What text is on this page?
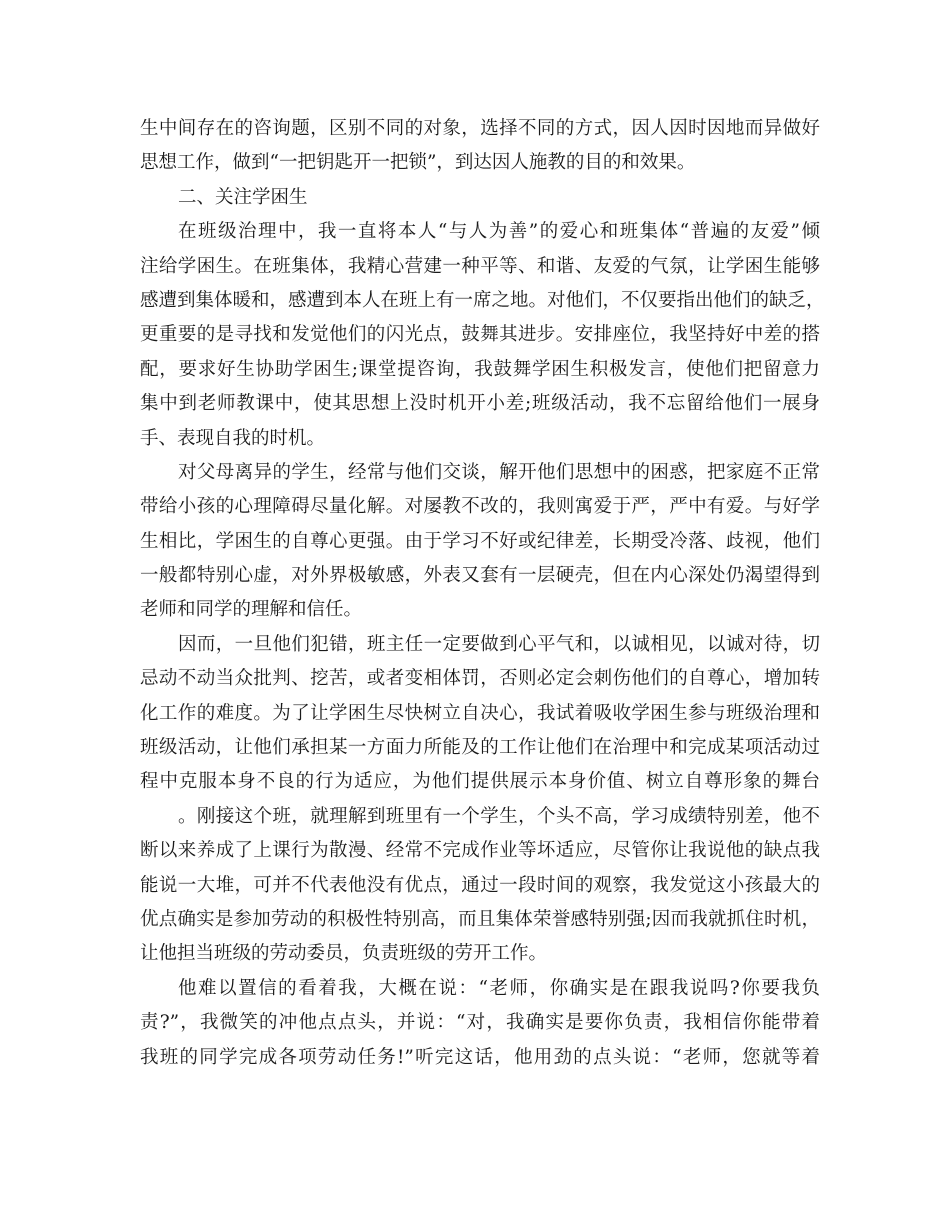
生中间存在的咨询题，区别不同的对象，选择不同的方式，因人因时因地而异做好
思想工作，做到“一把钥匙开一把锁”，到达因人施教的目的和效果。
二、关注学困生
在班级治理中，我一直将本人“与人为善”的爱心和班集体“普遍的友爱”倾
注给学困生。在班集体，我精心营建一种平等、和谐、友爱的气氛，让学困生能够
感遭到集体暖和，感遭到本人在班上有一席之地。对他们，不仅要指出他们的缺乏，
更重要的是寻找和发觉他们的闪光点，鼓舞其进步。安排座位，我坚持好中差的搭
配，要求好生协助学困生;课堂提咨询，我鼓舞学困生积极发言，使他们把留意力
集中到老师教课中，使其思想上没时机开小差;班级活动，我不忘留给他们一展身
手、表现自我的时机。
对父母离异的学生，经常与他们交谈，解开他们思想中的困惑，把家庭不正常
带给小孩的心理障碍尽量化解。对屡教不改的，我则寓爱于严，严中有爱。与好学
生相比，学困生的自尊心更强。由于学习不好或纪律差，长期受冷落、歧视，他们
一般都特别心虚，对外界极敏感，外表又套有一层硬壳，但在内心深处仍渴望得到
老师和同学的理解和信任。
因而，一旦他们犯错，班主任一定要做到心平气和，以诚相见，以诚对待，切
忌动不动当众批判、挖苦，或者变相体罚，否则必定会刺伤他们的自尊心，增加转
化工作的难度。为了让学困生尽快树立自决心，我试着吸收学困生参与班级治理和
班级活动，让他们承担某一方面力所能及的工作让他们在治理中和完成某项活动过
程中克服本身不良的行为适应，为他们提供展示本身价值、树立自尊形象的舞台
。刚接这个班，就理解到班里有一个学生，个头不高，学习成绩特别差，他不
断以来养成了上课行为散漫、经常不完成作业等坏适应，尽管你让我说他的缺点我
能说一大堆，可并不代表他没有优点，通过一段时间的观察，我发觉这小孩最大的
优点确实是参加劳动的积极性特别高，而且集体荣誉感特别强;因而我就抓住时机，
让他担当班级的劳动委员，负责班级的劳开工作。
他难以置信的看着我，大概在说：“老师，你确实是在跟我说吗?你要我负
责?”，我微笑的冲他点点头，并说：“对，我确实是要你负责，我相信你能带着
我班的同学完成各项劳动任务!”听完这话，他用劲的点头说：“老师，您就等着
